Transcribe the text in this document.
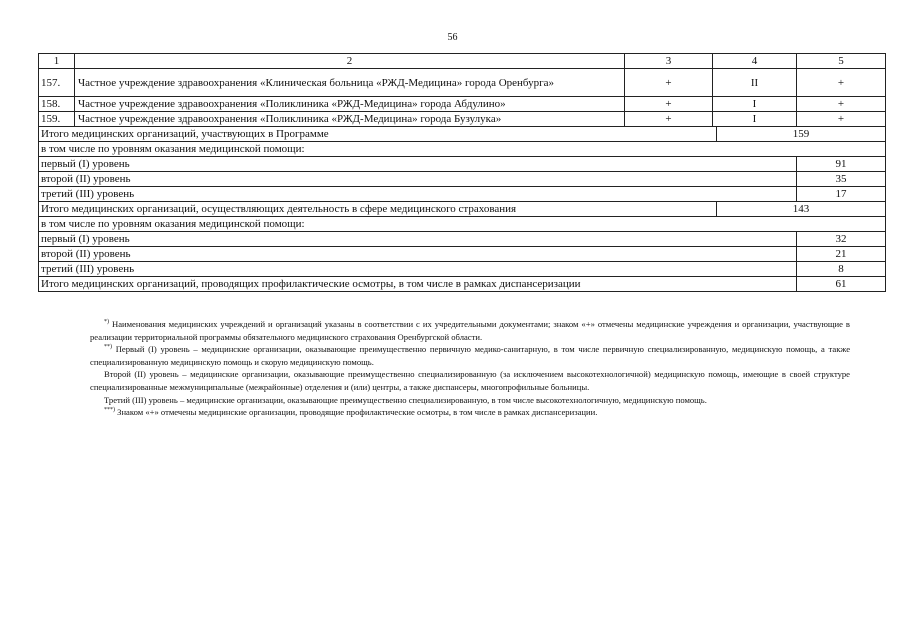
56
1	2	3	4		5
157.	Частное учреждение здравоохранения «Клиническая больница «РЖД-Медицина» города Оренбурга»	+	II		+
158.	Частное учреждение здравоохранения «Поликлиника «РЖД-Медицина» города Абдулино»	+	I		+
159.	Частное учреждение здравоохранения «Поликлиника «РЖД-Медицина» города Бузулука»	+	I		+
Итого медицинских организаций, участвующих в Программе				159	
в том числе по уровням оказания медицинской помощи:					
первый (I) уровень					91
второй (II) уровень					35
третий (III) уровень					17
Итого медицинских организаций, осуществляющих деятельность в сфере медицинского страхования				143	
в том числе по уровням оказания медицинской помощи:					
первый (I) уровень					32
второй (II) уровень					21
третий (III) уровень					8
Итого медицинских организаций, проводящих профилактические осмотры, в том числе в рамках диспансеризации					61

*) Наименования медицинских учреждений и организаций указаны в соответствии с их учредительными документами; знаком «+» отмечены медицинские учреждения и организации, участвующие в реализации территориальной программы обязательного медицинского страхования Оренбургской области.

**) Первый (I) уровень – медицинские организации, оказывающие преимущественно первичную медико-санитарную, в том числе первичную специализированную, медицинскую помощь, а также специализированную медицинскую помощь и скорую медицинскую помощь.

Второй (II) уровень – медицинские организации, оказывающие преимущественно специализированную (за исключением высокотехнологичной) медицинскую помощь, имеющие в своей структуре специализированные межмуниципальные (межрайонные) отделения и (или) центры, а также диспансеры, многопрофильные больницы.

Третий (III) уровень – медицинские организации, оказывающие преимущественно специализированную, в том числе высокотехнологичную, медицинскую помощь.

***) Знаком «+» отмечены медицинские организации, проводящие профилактические осмотры, в том числе в рамках диспансеризации.
